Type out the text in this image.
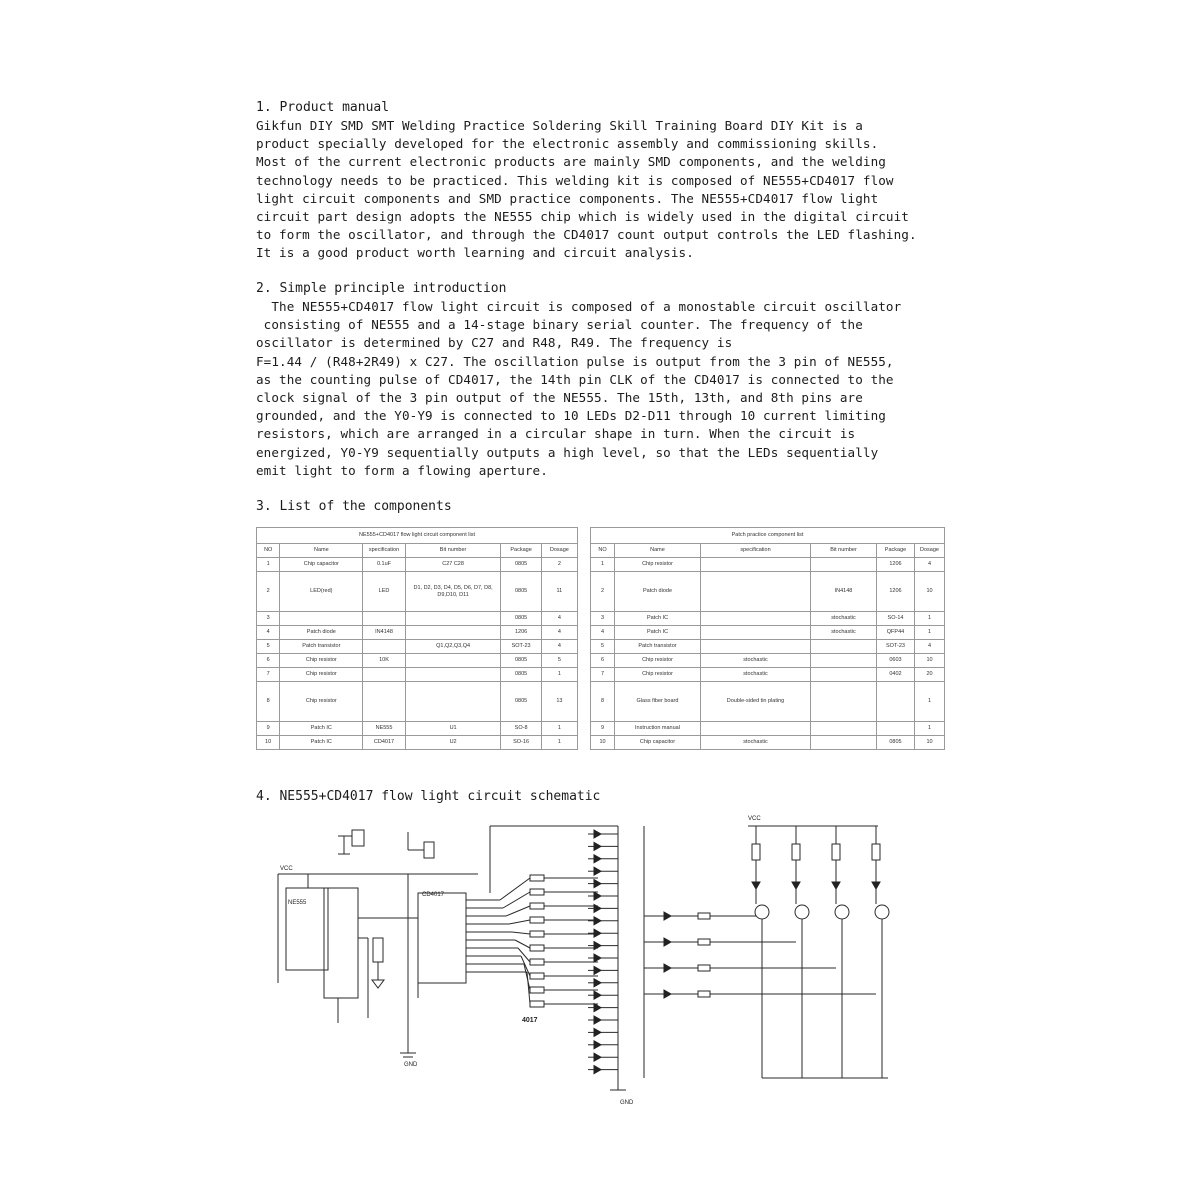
1. Product manual
Gikfun DIY SMD SMT Welding Practice Soldering Skill Training Board DIY Kit is a
product specially developed for the electronic assembly and commissioning skills.
Most of the current electronic products are mainly SMD components, and the welding
technology needs to be practiced. This welding kit is composed of NE555+CD4017 flow
light circuit components and SMD practice components. The NE555+CD4017 flow light
circuit part design adopts the NE555 chip which is widely used in the digital circuit
to form the oscillator, and through the CD4017 count output controls the LED flashing.
It is a good product worth learning and circuit analysis.
2. Simple principle introduction
The NE555+CD4017 flow light circuit is composed of a monostable circuit oscillator
consisting of NE555 and a 14-stage binary serial counter. The frequency of the
oscillator is determined by C27 and R48, R49. The frequency is
F=1.44 / (R48+2R49) x C27. The oscillation pulse is output from the 3 pin of NE555,
as the counting pulse of CD4017, the 14th pin CLK of the CD4017 is connected to the
clock signal of the 3 pin output of the NE555. The 15th, 13th, and 8th pins are
grounded, and the Y0-Y9 is connected to 10 LEDs D2-D11 through 10 current limiting
resistors, which are arranged in a circular shape in turn. When the circuit is
energized, Y0-Y9 sequentially outputs a high level, so that the LEDs sequentially
emit light to form a flowing aperture.
3. List of the components
NE555+CD4017 flow light circuit component list					
NO	Name	specification	Bit number	Package	Dosage
1	Chip capacitor	0.1uF	C27 C28	0805	2
2	LED(red)	LED	D1, D2, D3, D4, D5, D6, D7, D8, D9,D10, D11	0805	11
3				0805	4
4	Patch diode	IN4148		1206	4
5	Patch transistor		Q1,Q2,Q3,Q4	SOT-23	4
6	Chip resistor	10K		0805	5
7	Chip resistor			0805	1
8	Chip resistor			0805	13
9	Patch IC	NE555	U1	SO-8	1
10	Patch IC	CD4017	U2	SO-16	1
Patch practice component list					
NO	Name	specification	Bit number	Package	Dosage
1	Chip resistor			1206	4
2	Patch diode		IN4148	1206	10
3	Patch IC		stochastic	SO-14	1
4	Patch IC		stochastic	QFP44	1
5	Patch transistor			SOT-23	4
6	Chip resistor	stochastic		0603	10
7	Chip resistor	stochastic		0402	20
8	Glass fiber board	Double-sided tin plating			1
9	Instruction manual				1
10	Chip capacitor	stochastic		0805	10
4. NE555+CD4017 flow light circuit schematic
VCC
GND
NE555
CD4017
4017
VCC
GND
